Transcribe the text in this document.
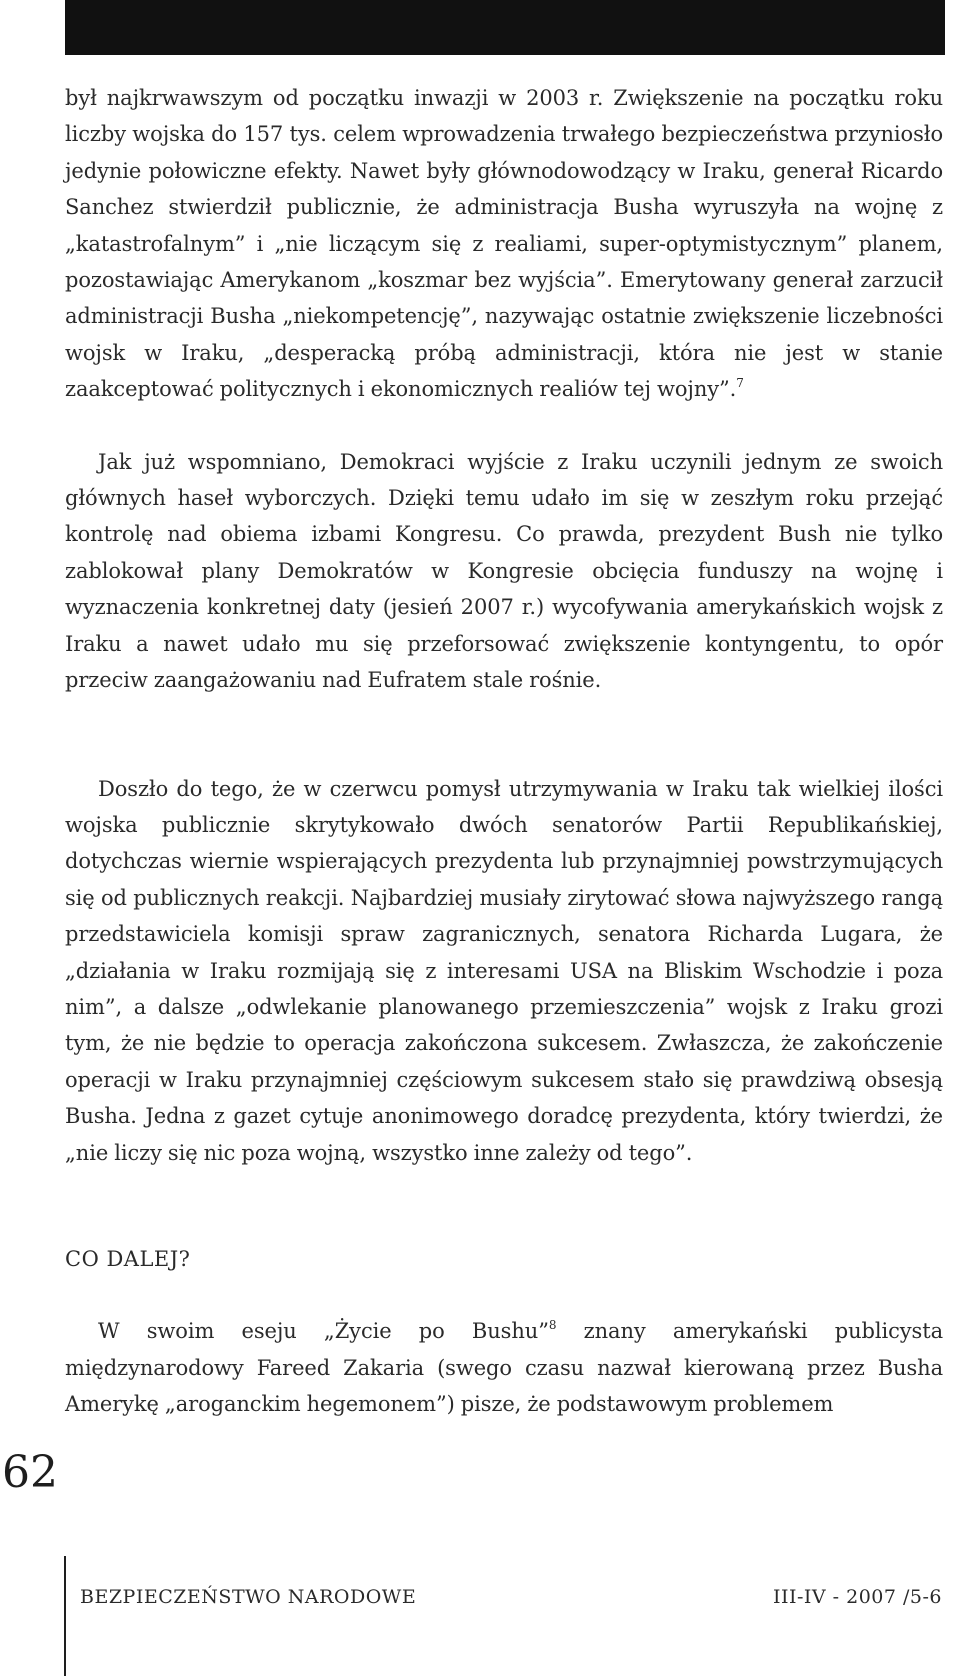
był najkrwawszym od początku inwazji w 2003 r. Zwiększenie na początku roku liczby wojska do 157 tys. celem wprowadzenia trwałego bezpieczeństwa przyniosło jedynie połowiczne efekty. Nawet były głównodowodzący w Iraku, generał Ricardo Sanchez stwierdził publicznie, że administracja Busha wyruszyła na wojnę z „katastrofalnym” i „nie liczącym się z realiami, super-optymistycznym” planem, pozostawiając Amerykanom „koszmar bez wyjścia”. Emerytowany generał zarzucił administracji Busha „niekompetencję”, nazywając ostatnie zwiększenie liczebności wojsk w Iraku, „desperacką próbą administracji, która nie jest w stanie zaakceptować politycznych i ekonomicznych realiów tej wojny”.$^7$

Jak już wspomniano, Demokraci wyjście z Iraku uczynili jednym ze swoich głównych haseł wyborczych. Dzięki temu udało im się w zeszłym roku przejąć kontrolę nad obiema izbami Kongresu. Co prawda, prezydent Bush nie tylko zablokował plany Demokratów w Kongresie obcięcia funduszy na wojnę i wyznaczenia konkretnej daty (jesień 2007 r.) wycofywania amerykańskich wojsk z Iraku a nawet udało mu się przeforsować zwiększenie kontyngentu, to opór przeciw zaangażowaniu nad Eufratem stale rośnie.

Doszło do tego, że w czerwcu pomysł utrzymywania w Iraku tak wielkiej ilości wojska publicznie skrytykowało dwóch senatorów Partii Republikańskiej, dotychczas wiernie wspierających prezydenta lub przynajmniej powstrzymujących się od publicznych reakcji. Najbardziej musiały zirytować słowa najwyższego rangą przedstawiciela komisji spraw zagranicznych, senatora Richarda Lugara, że „działania w Iraku rozmijają się z interesami USA na Bliskim Wschodzie i poza nim”, a dalsze „odwlekanie planowanego przemieszczenia” wojsk z Iraku grozi tym, że nie będzie to operacja zakończona sukcesem. Zwłaszcza, że zakończenie operacji w Iraku przynajmniej częściowym sukcesem stało się prawdziwą obsesją Busha. Jedna z gazet cytuje anonimowego doradcę prezydenta, który twierdzi, że „nie liczy się nic poza wojną, wszystko inne zależy od tego”.

CO DALEJ?

W swoim eseju „Życie po Bushu”$^8$ znany amerykański publicysta międzynarodowy Fareed Zakaria (swego czasu nazwał kierowaną przez Busha Amerykę „aroganckim hegemonem”) pisze, że podstawowym problemem

62
BEZPIECZEŃSTWO NARODOWE	III-IV - 2007 /5-6
